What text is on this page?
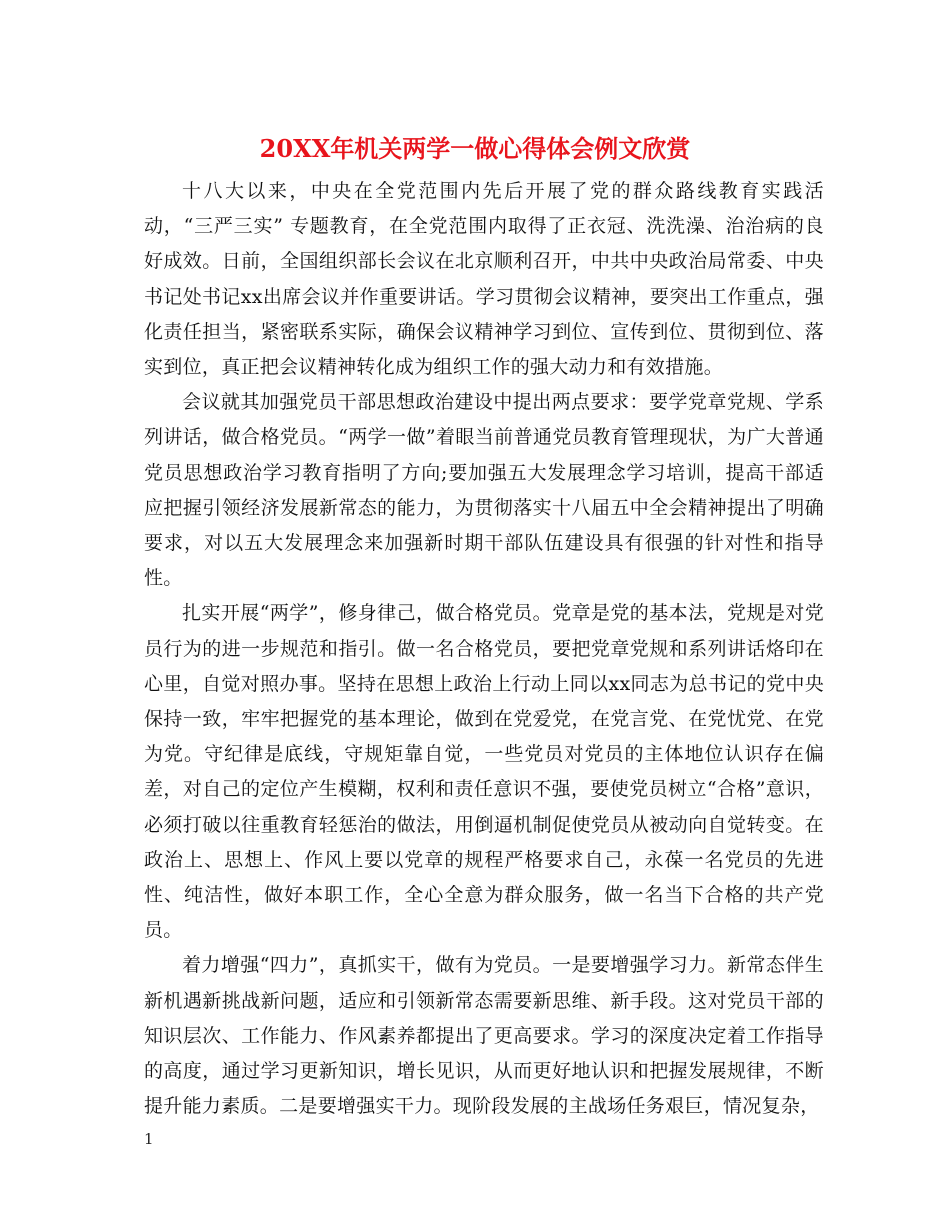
20XX年机关两学一做心得体会例文欣赏

十八大以来，中央在全党范围内先后开展了党的群众路线教育实践活动，“三严三实” 专题教育，在全党范围内取得了正衣冠、洗洗澡、治治病的良好成效。日前，全国组织部长会议在北京顺利召开，中共中央政治局常委、中央书记处书记xx出席会议并作重要讲话。学习贯彻会议精神，要突出工作重点，强化责任担当，紧密联系实际，确保会议精神学习到位、宣传到位、贯彻到位、落实到位，真正把会议精神转化成为组织工作的强大动力和有效措施。

会议就其加强党员干部思想政治建设中提出两点要求：要学党章党规、学系列讲话，做合格党员。“两学一做”着眼当前普通党员教育管理现状，为广大普通党员思想政治学习教育指明了方向;要加强五大发展理念学习培训，提高干部适应把握引领经济发展新常态的能力，为贯彻落实十八届五中全会精神提出了明确要求，对以五大发展理念来加强新时期干部队伍建设具有很强的针对性和指导性。

扎实开展“两学”，修身律己，做合格党员。党章是党的基本法，党规是对党员行为的进一步规范和指引。做一名合格党员，要把党章党规和系列讲话烙印在心里，自觉对照办事。坚持在思想上政治上行动上同以xx同志为总书记的党中央保持一致，牢牢把握党的基本理论，做到在党爱党，在党言党、在党忧党、在党为党。守纪律是底线，守规矩靠自觉，一些党员对党员的主体地位认识存在偏差，对自己的定位产生模糊，权利和责任意识不强，要使党员树立“合格”意识，必须打破以往重教育轻惩治的做法，用倒逼机制促使党员从被动向自觉转变。在政治上、思想上、作风上要以党章的规程严格要求自己，永葆一名党员的先进性、纯洁性，做好本职工作，全心全意为群众服务，做一名当下合格的共产党员。

着力增强“四力”，真抓实干，做有为党员。一是要增强学习力。新常态伴生新机遇新挑战新问题，适应和引领新常态需要新思维、新手段。这对党员干部的知识层次、工作能力、作风素养都提出了更高要求。学习的深度决定着工作指导的高度，通过学习更新知识，增长见识，从而更好地认识和把握发展规律，不断提升能力素质。二是要增强实干力。现阶段发展的主战场任务艰巨，情况复杂，

1
